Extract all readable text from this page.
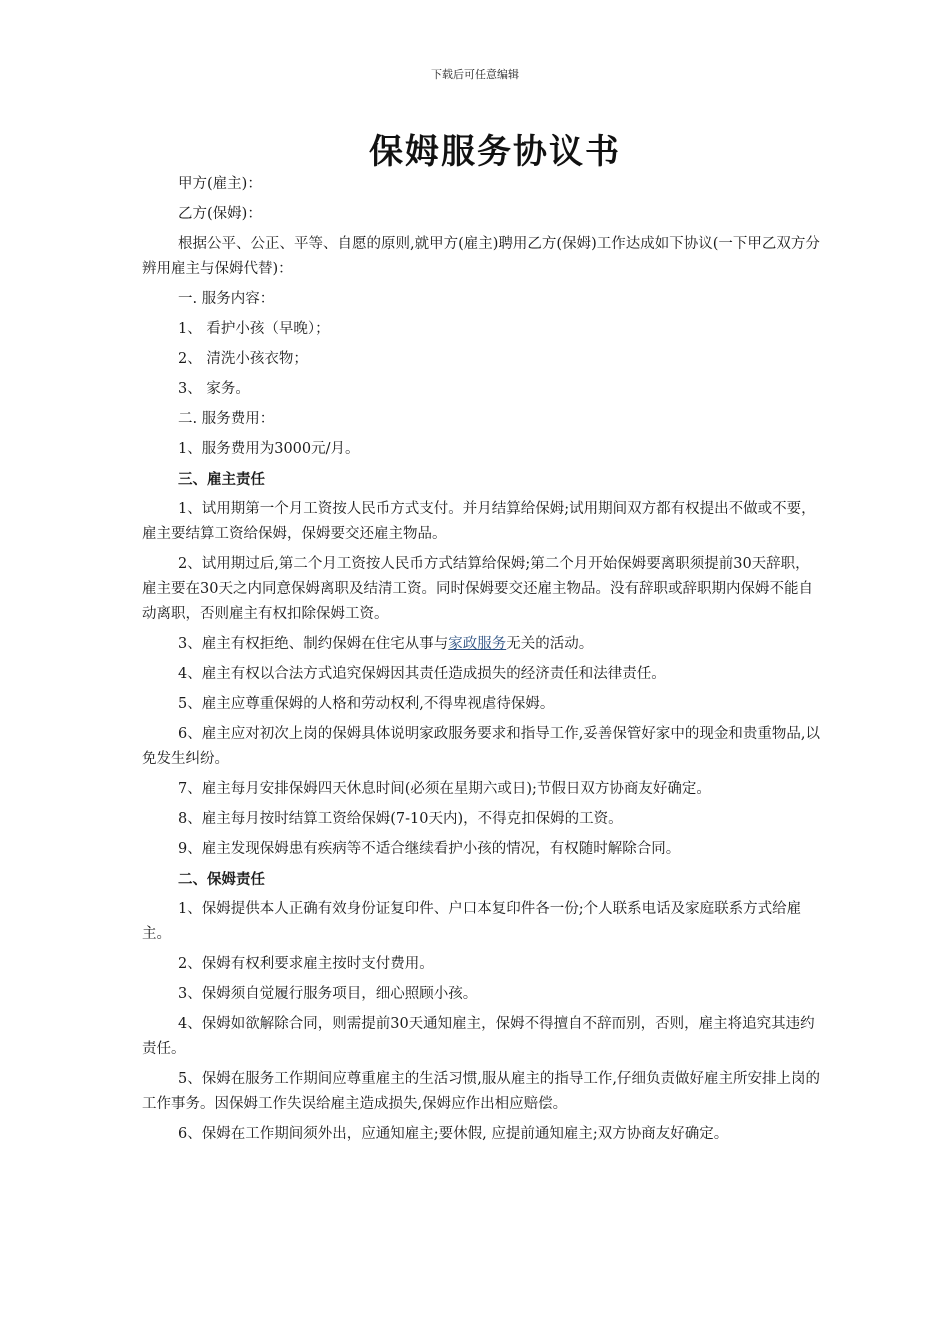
下载后可任意编辑
保姆服务协议书

甲方(雇主)：

乙方(保姆)：

根据公平、公正、平等、自愿的原则,就甲方(雇主)聘用乙方(保姆)工作达成如下协议(一下甲乙双方分辨用雇主与保姆代替)：

一. 服务内容：

1、 看护小孩（早晚）；

2、 清洗小孩衣物；

3、 家务。

二. 服务费用：

1、服务费用为3000元/月。

三、雇主责任

1、试用期第一个月工资按人民币方式支付。并月结算给保姆;试用期间双方都有权提出不做或不要，雇主要结算工资给保姆，保姆要交还雇主物品。

2、试用期过后,第二个月工资按人民币方式结算给保姆;第二个月开始保姆要离职须提前30天辞职，雇主要在30天之内同意保姆离职及结清工资。同时保姆要交还雇主物品。没有辞职或辞职期内保姆不能自动离职，否则雇主有权扣除保姆工资。

3、雇主有权拒绝、制约保姆在住宅从事与家政服务无关的活动。

4、雇主有权以合法方式追究保姆因其责任造成损失的经济责任和法律责任。

5、雇主应尊重保姆的人格和劳动权利,不得卑视虐待保姆。

6、雇主应对初次上岗的保姆具体说明家政服务要求和指导工作,妥善保管好家中的现金和贵重物品,以免发生纠纷。

7、雇主每月安排保姆四天休息时间(必须在星期六或日);节假日双方协商友好确定。

8、雇主每月按时结算工资给保姆(7-10天内)，不得克扣保姆的工资。

9、雇主发现保姆患有疾病等不适合继续看护小孩的情况，有权随时解除合同。

二、保姆责任

1、保姆提供本人正确有效身份证复印件、户口本复印件各一份;个人联系电话及家庭联系方式给雇主。

2、保姆有权利要求雇主按时支付费用。

3、保姆须自觉履行服务项目，细心照顾小孩。

4、保姆如欲解除合同，则需提前30天通知雇主，保姆不得擅自不辞而别，否则，雇主将追究其违约责任。

5、保姆在服务工作期间应尊重雇主的生活习惯,服从雇主的指导工作,仔细负责做好雇主所安排上岗的工作事务。因保姆工作失误给雇主造成损失,保姆应作出相应赔偿。

6、保姆在工作期间须外出，应通知雇主;要休假, 应提前通知雇主;双方协商友好确定。
